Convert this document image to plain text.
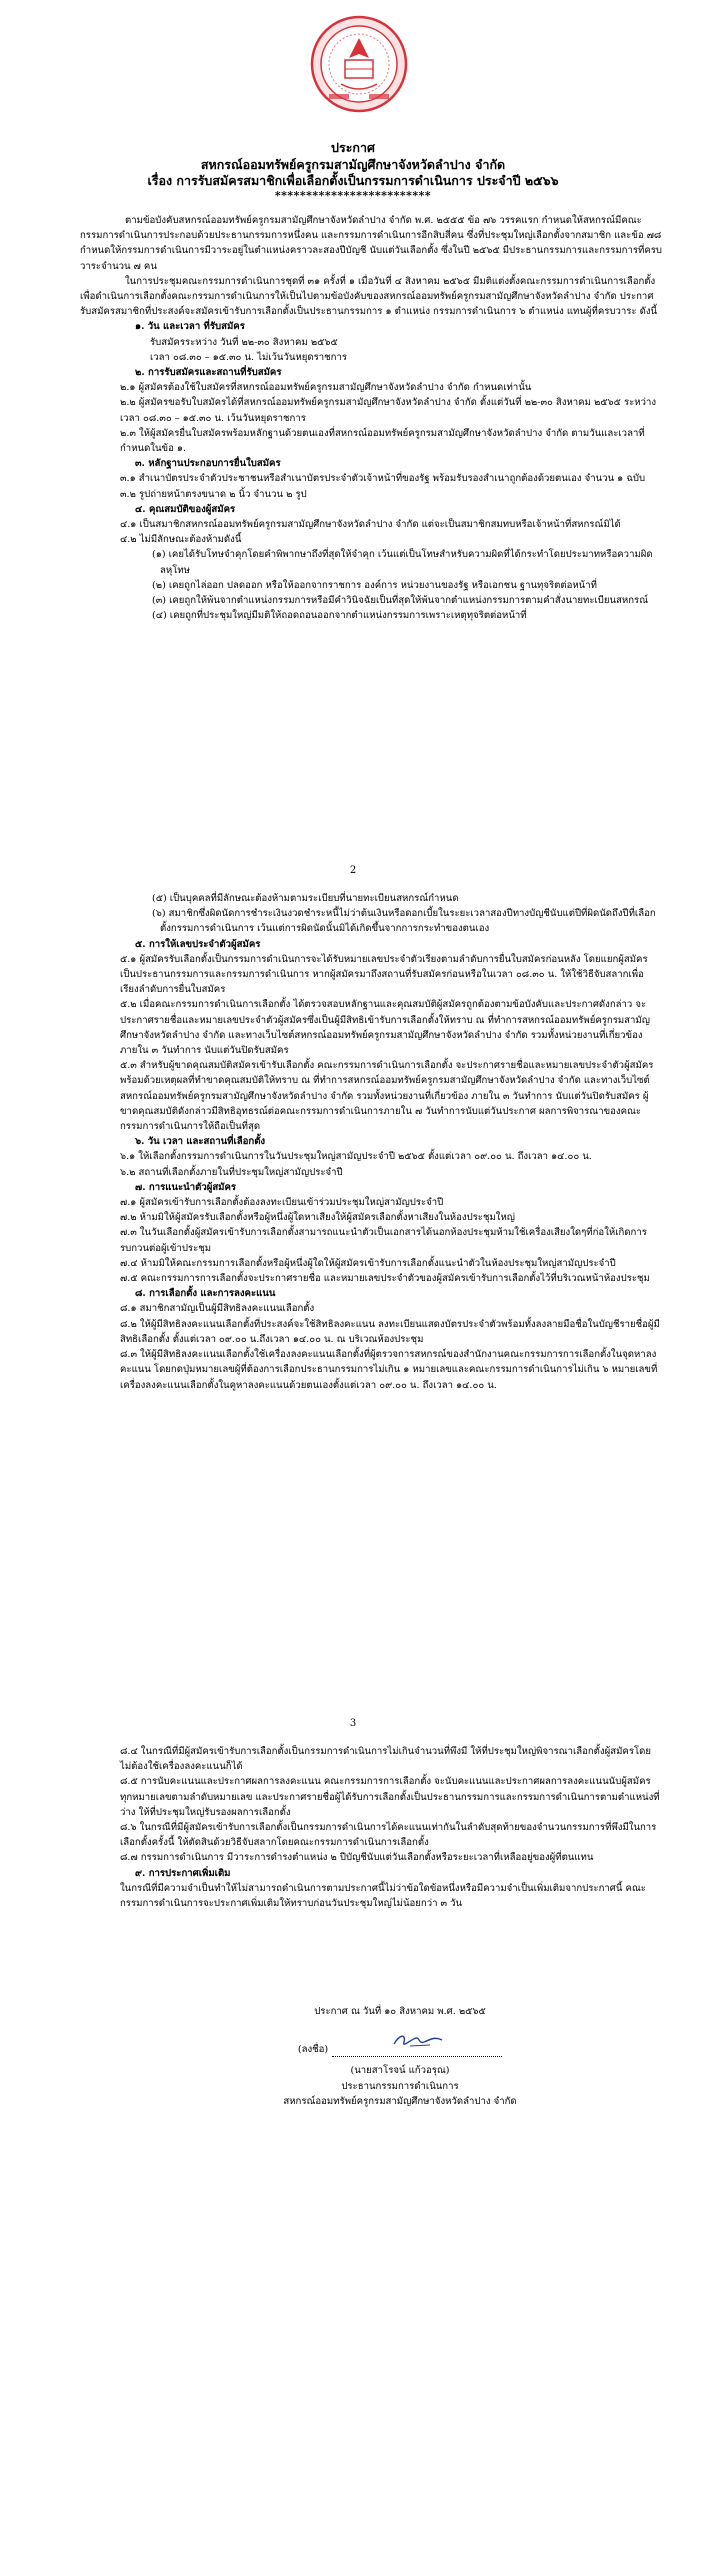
ประกาศ
สหกรณ์ออมทรัพย์ครูกรมสามัญศึกษาจังหวัดลำปาง จำกัด
เรื่อง การรับสมัครสมาชิกเพื่อเลือกตั้งเป็นกรรมการดำเนินการ ประจำปี ๒๕๖๖
*************************

ตามข้อบังคับสหกรณ์ออมทรัพย์ครูกรมสามัญศึกษาจังหวัดลำปาง จำกัด พ.ศ. ๒๕๕๕ ข้อ ๗๖ วรรคแรก กำหนดให้สหกรณ์มีคณะกรรมการดำเนินการประกอบด้วยประธานกรรมการหนึ่งคน และกรรมการดำเนินการอีกสิบสี่คน ซึ่งที่ประชุมใหญ่เลือกตั้งจากสมาชิก และข้อ ๗๘ กำหนดให้กรรมการดำเนินการมีวาระอยู่ในตำแหน่งคราวละสองปีบัญชี นับแต่วันเลือกตั้ง ซึ่งในปี ๒๕๖๕ มีประธานกรรมการและกรรมการที่ครบวาระจำนวน ๗ คน

ในการประชุมคณะกรรมการดำเนินการชุดที่ ๓๑ ครั้งที่ ๑ เมื่อวันที่ ๔ สิงหาคม ๒๕๖๕ มีมติแต่งตั้งคณะกรรมการดำเนินการเลือกตั้งเพื่อดำเนินการเลือกตั้งคณะกรรมการดำเนินการให้เป็นไปตามข้อบังคับของสหกรณ์ออมทรัพย์ครูกรมสามัญศึกษาจังหวัดลำปาง จำกัด ประกาศรับสมัครสมาชิกที่ประสงค์จะสมัครเข้ารับการเลือกตั้งเป็นประธานกรรมการ ๑ ตำแหน่ง กรรมการดำเนินการ ๖ ตำแหน่ง แทนผู้ที่ครบวาระ ดังนี้

๑. วัน และเวลา ที่รับสมัคร

รับสมัครระหว่าง วันที่ ๒๒-๓๐ สิงหาคม ๒๕๖๕

เวลา ๐๘.๓๐ – ๑๕.๓๐ น. ไม่เว้นวันหยุดราชการ

๒. การรับสมัครและสถานที่รับสมัคร

๒.๑ ผู้สมัครต้องใช้ใบสมัครที่สหกรณ์ออมทรัพย์ครูกรมสามัญศึกษาจังหวัดลำปาง จำกัด กำหนดเท่านั้น

๒.๒ ผู้สมัครขอรับใบสมัครได้ที่สหกรณ์ออมทรัพย์ครูกรมสามัญศึกษาจังหวัดลำปาง จำกัด ตั้งแต่วันที่ ๒๒-๓๐ สิงหาคม ๒๕๖๕ ระหว่างเวลา ๐๘.๓๐ – ๑๕.๓๐ น. เว้นวันหยุดราชการ

๒.๓ ให้ผู้สมัครยื่นใบสมัครพร้อมหลักฐานด้วยตนเองที่สหกรณ์ออมทรัพย์ครูกรมสามัญศึกษาจังหวัดลำปาง จำกัด ตามวันและเวลาที่กำหนดในข้อ ๑.

๓. หลักฐานประกอบการยื่นใบสมัคร

๓.๑ สำเนาบัตรประจำตัวประชาชนหรือสำเนาบัตรประจำตัวเจ้าหน้าที่ของรัฐ พร้อมรับรองสำเนาถูกต้องด้วยตนเอง จำนวน ๑ ฉบับ

๓.๒ รูปถ่ายหน้าตรงขนาด ๒ นิ้ว จำนวน ๒ รูป

๔. คุณสมบัติของผู้สมัคร

๔.๑ เป็นสมาชิกสหกรณ์ออมทรัพย์ครูกรมสามัญศึกษาจังหวัดลำปาง จำกัด แต่จะเป็นสมาชิกสมทบหรือเจ้าหน้าที่สหกรณ์มิได้

๔.๒ ไม่มีลักษณะต้องห้ามดังนี้

(๑) เคยได้รับโทษจำคุกโดยคำพิพากษาถึงที่สุดให้จำคุก เว้นแต่เป็นโทษสำหรับความผิดที่ได้กระทำโดยประมาทหรือความผิดลหุโทษ

(๒) เคยถูกไล่ออก ปลดออก หรือให้ออกจากราชการ องค์การ หน่วยงานของรัฐ หรือเอกชน ฐานทุจริตต่อหน้าที่

(๓) เคยถูกให้พ้นจากตำแหน่งกรรมการหรือมีคำวินิจฉัยเป็นที่สุดให้พ้นจากตำแหน่งกรรมการตามคำสั่งนายทะเบียนสหกรณ์

(๔) เคยถูกที่ประชุมใหญ่มีมติให้ถอดถอนออกจากตำแหน่งกรรมการเพราะเหตุทุจริตต่อหน้าที่

2

(๕) เป็นบุคคลที่มีลักษณะต้องห้ามตามระเบียบที่นายทะเบียนสหกรณ์กำหนด

(๖) สมาชิกซึ่งผิดนัดการชำระเงินงวดชำระหนี้ไม่ว่าต้นเงินหรือดอกเบี้ยในระยะเวลาสองปีทางบัญชีนับแต่ปีที่ผิดนัดถึงปีที่เลือกตั้งกรรมการดำเนินการ เว้นแต่การผิดนัดนั้นมิได้เกิดขึ้นจากการกระทำของตนเอง

๕. การให้เลขประจำตัวผู้สมัคร

๕.๑ ผู้สมัครรับเลือกตั้งเป็นกรรมการดำเนินการจะได้รับหมายเลขประจำตัวเรียงตามลำดับการยื่นใบสมัครก่อนหลัง โดยแยกผู้สมัครเป็นประธานกรรมการและกรรมการดำเนินการ หากผู้สมัครมาถึงสถานที่รับสมัครก่อนหรือในเวลา ๐๘.๓๐ น. ให้ใช้วิธีจับสลากเพื่อเรียงลำดับการยื่นใบสมัคร

๕.๒ เมื่อคณะกรรมการดำเนินการเลือกตั้ง ได้ตรวจสอบหลักฐานและคุณสมบัติผู้สมัครถูกต้องตามข้อบังคับและประกาศดังกล่าว จะประกาศรายชื่อและหมายเลขประจำตัวผู้สมัครซึ่งเป็นผู้มีสิทธิเข้ารับการเลือกตั้งให้ทราบ ณ ที่ทำการสหกรณ์ออมทรัพย์ครูกรมสามัญศึกษาจังหวัดลำปาง จำกัด และทางเว็บไซต์สหกรณ์ออมทรัพย์ครูกรมสามัญศึกษาจังหวัดลำปาง จำกัด รวมทั้งหน่วยงานที่เกี่ยวข้อง ภายใน ๓ วันทำการ นับแต่วันปิดรับสมัคร

๕.๓ สำหรับผู้ขาดคุณสมบัติสมัครเข้ารับเลือกตั้ง คณะกรรมการดำเนินการเลือกตั้ง จะประกาศรายชื่อและหมายเลขประจำตัวผู้สมัครพร้อมด้วยเหตุผลที่ทำขาดคุณสมบัติให้ทราบ ณ ที่ทำการสหกรณ์ออมทรัพย์ครูกรมสามัญศึกษาจังหวัดลำปาง จำกัด และทางเว็บไซต์สหกรณ์ออมทรัพย์ครูกรมสามัญศึกษาจังหวัดลำปาง จำกัด รวมทั้งหน่วยงานที่เกี่ยวข้อง ภายใน ๓ วันทำการ นับแต่วันปิดรับสมัคร ผู้ขาดคุณสมบัติดังกล่าวมีสิทธิอุทธรณ์ต่อคณะกรรมการดำเนินการภายใน ๗ วันทำการนับแต่วันประกาศ ผลการพิจารณาของคณะกรรมการดำเนินการให้ถือเป็นที่สุด

๖. วัน เวลา และสถานที่เลือกตั้ง

๖.๑ ให้เลือกตั้งกรรมการดำเนินการในวันประชุมใหญ่สามัญประจำปี ๒๕๖๕ ตั้งแต่เวลา ๐๙.๐๐ น. ถึงเวลา ๑๔.๐๐ น.

๖.๒ สถานที่เลือกตั้งภายในที่ประชุมใหญ่สามัญประจำปี

๗. การแนะนำตัวผู้สมัคร

๗.๑ ผู้สมัครเข้ารับการเลือกตั้งต้องลงทะเบียนเข้าร่วมประชุมใหญ่สามัญประจำปี

๗.๒ ห้ามมิให้ผู้สมัครรับเลือกตั้งหรือผู้หนึ่งผู้ใดหาเสียงให้ผู้สมัครเลือกตั้งหาเสียงในห้องประชุมใหญ่

๗.๓ ในวันเลือกตั้งผู้สมัครเข้ารับการเลือกตั้งสามารถแนะนำตัวเป็นเอกสารได้นอกห้องประชุมห้ามใช้เครื่องเสียงใดๆที่ก่อให้เกิดการรบกวนต่อผู้เข้าประชุม

๗.๔ ห้ามมิให้คณะกรรมการเลือกตั้งหรือผู้หนึ่งผู้ใดให้ผู้สมัครเข้ารับการเลือกตั้งแนะนำตัวในห้องประชุมใหญ่สามัญประจำปี

๗.๕ คณะกรรมการการเลือกตั้งจะประกาศรายชื่อ และหมายเลขประจำตัวของผู้สมัครเข้ารับการเลือกตั้งไว้ที่บริเวณหน้าห้องประชุม

๘. การเลือกตั้ง และการลงคะแนน

๘.๑ สมาชิกสามัญเป็นผู้มีสิทธิลงคะแนนเลือกตั้ง

๘.๒ ให้ผู้มีสิทธิลงคะแนนเลือกตั้งที่ประสงค์จะใช้สิทธิลงคะแนน ลงทะเบียนแสดงบัตรประจำตัวพร้อมทั้งลงลายมือชื่อในบัญชีรายชื่อผู้มีสิทธิเลือกตั้ง ตั้งแต่เวลา ๐๙.๐๐ น.ถึงเวลา ๑๔.๐๐ น. ณ บริเวณห้องประชุม

๘.๓ ให้ผู้มีสิทธิลงคะแนนเลือกตั้งใช้เครื่องลงคะแนนเลือกตั้งที่ผู้ตรวจการสหกรณ์ของสำนักงานคณะกรรมการการเลือกตั้งในจุดหาลงคะแนน โดยกดปุ่มหมายเลขผู้ที่ต้องการเลือกประธานกรรมการไม่เกิน ๑ หมายเลขและคณะกรรมการดำเนินการไม่เกิน ๖ หมายเลขที่เครื่องลงคะแนนเลือกตั้งในคูหาลงคะแนนด้วยตนเองตั้งแต่เวลา ๐๙.๐๐ น. ถึงเวลา ๑๔.๐๐ น.

3

๘.๔ ในกรณีที่มีผู้สมัครเข้ารับการเลือกตั้งเป็นกรรมการดำเนินการไม่เกินจำนวนที่พึงมี ให้ที่ประชุมใหญ่พิจารณาเลือกตั้งผู้สมัครโดยไม่ต้องใช้เครื่องลงคะแนนก็ได้

๘.๕ การนับคะแนนและประกาศผลการลงคะแนน คณะกรรมการการเลือกตั้ง จะนับคะแนนและประกาศผลการลงคะแนนนับผู้สมัครทุกหมายเลขตามลำดับหมายเลข และประกาศรายชื่อผู้ได้รับการเลือกตั้งเป็นประธานกรรมการและกรรมการดำเนินการตามตำแหน่งที่ว่าง ให้ที่ประชุมใหญ่รับรองผลการเลือกตั้ง

๘.๖ ในกรณีที่มีผู้สมัครเข้ารับการเลือกตั้งเป็นกรรมการดำเนินการได้คะแนนเท่ากันในลำดับสุดท้ายของจำนวนกรรมการที่พึงมีในการเลือกตั้งครั้งนี้ ให้ตัดสินด้วยวิธีจับสลากโดยคณะกรรมการดำเนินการเลือกตั้ง

๘.๗ กรรมการดำเนินการ มีวาระการดำรงตำแหน่ง ๒ ปีบัญชีนับแต่วันเลือกตั้งหรือระยะเวลาที่เหลืออยู่ของผู้ที่ตนแทน

๙. การประกาศเพิ่มเติม

ในกรณีที่มีความจำเป็นทำให้ไม่สามารถดำเนินการตามประกาศนี้ไม่ว่าข้อใดข้อหนึ่งหรือมีความจำเป็นเพิ่มเติมจากประกาศนี้ คณะกรรมการดำเนินการจะประกาศเพิ่มเติมให้ทราบก่อนวันประชุมใหญ่ไม่น้อยกว่า ๓ วัน

ประกาศ ณ วันที่ ๑๐ สิงหาคม พ.ศ. ๒๕๖๕
(ลงชื่อ)
(นายสาโรจน์ แก้วอรุณ)
ประธานกรรมการดำเนินการ
สหกรณ์ออมทรัพย์ครูกรมสามัญศึกษาจังหวัดลำปาง จำกัด
